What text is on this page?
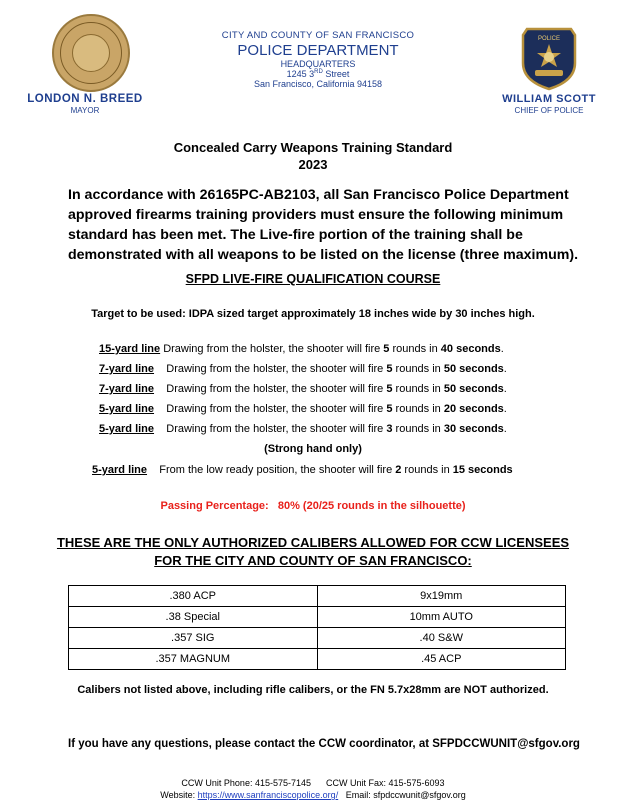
LONDON N. BREED
MAYOR
CITY AND COUNTY OF SAN FRANCISCO
POLICE DEPARTMENT
HEADQUARTERS
1245 3RD Street
San Francisco, California 94158
POLICE
WILLIAM SCOTT
CHIEF OF POLICE
Concealed Carry Weapons Training Standard
2023
In accordance with 26165PC-AB2103, all San Francisco Police Department approved firearms training providers must ensure the following minimum standard has been met. The Live-fire portion of the training shall be demonstrated with all weapons to be listed on the license (three maximum).
SFPD LIVE-FIRE QUALIFICATION COURSE
Target to be used: IDPA sized target approximately 18 inches wide by 30 inches high.
15-yard line Drawing from the holster, the shooter will fire 5 rounds in 40 seconds.
7-yard line    Drawing from the holster, the shooter will fire 5 rounds in 50 seconds.
7-yard line    Drawing from the holster, the shooter will fire 5 rounds in 50 seconds.
5-yard line    Drawing from the holster, the shooter will fire 5 rounds in 20 seconds.
5-yard line    Drawing from the holster, the shooter will fire 3 rounds in 30 seconds.
(Strong hand only)
5-yard line    From the low ready position, the shooter will fire 2 rounds in 15 seconds
Passing Percentage:   80% (20/25 rounds in the silhouette)
THESE ARE THE ONLY AUTHORIZED CALIBERS ALLOWED FOR CCW LICENSEES
FOR THE CITY AND COUNTY OF SAN FRANCISCO:
.380 ACP	9x19mm
.38 Special	10mm AUTO
.357 SIG	.40 S&W
.357 MAGNUM	.45 ACP
Calibers not listed above, including rifle calibers, or the FN 5.7x28mm are NOT authorized.
If you have any questions, please contact the CCW coordinator, at SFPDCCWUNIT@sfgov.org
CCW Unit Phone: 415-575-7145 CCW Unit Fax: 415-575-6093
Website: https://www.sanfranciscopolice.org/ Email: sfpdccwunit@sfgov.org
